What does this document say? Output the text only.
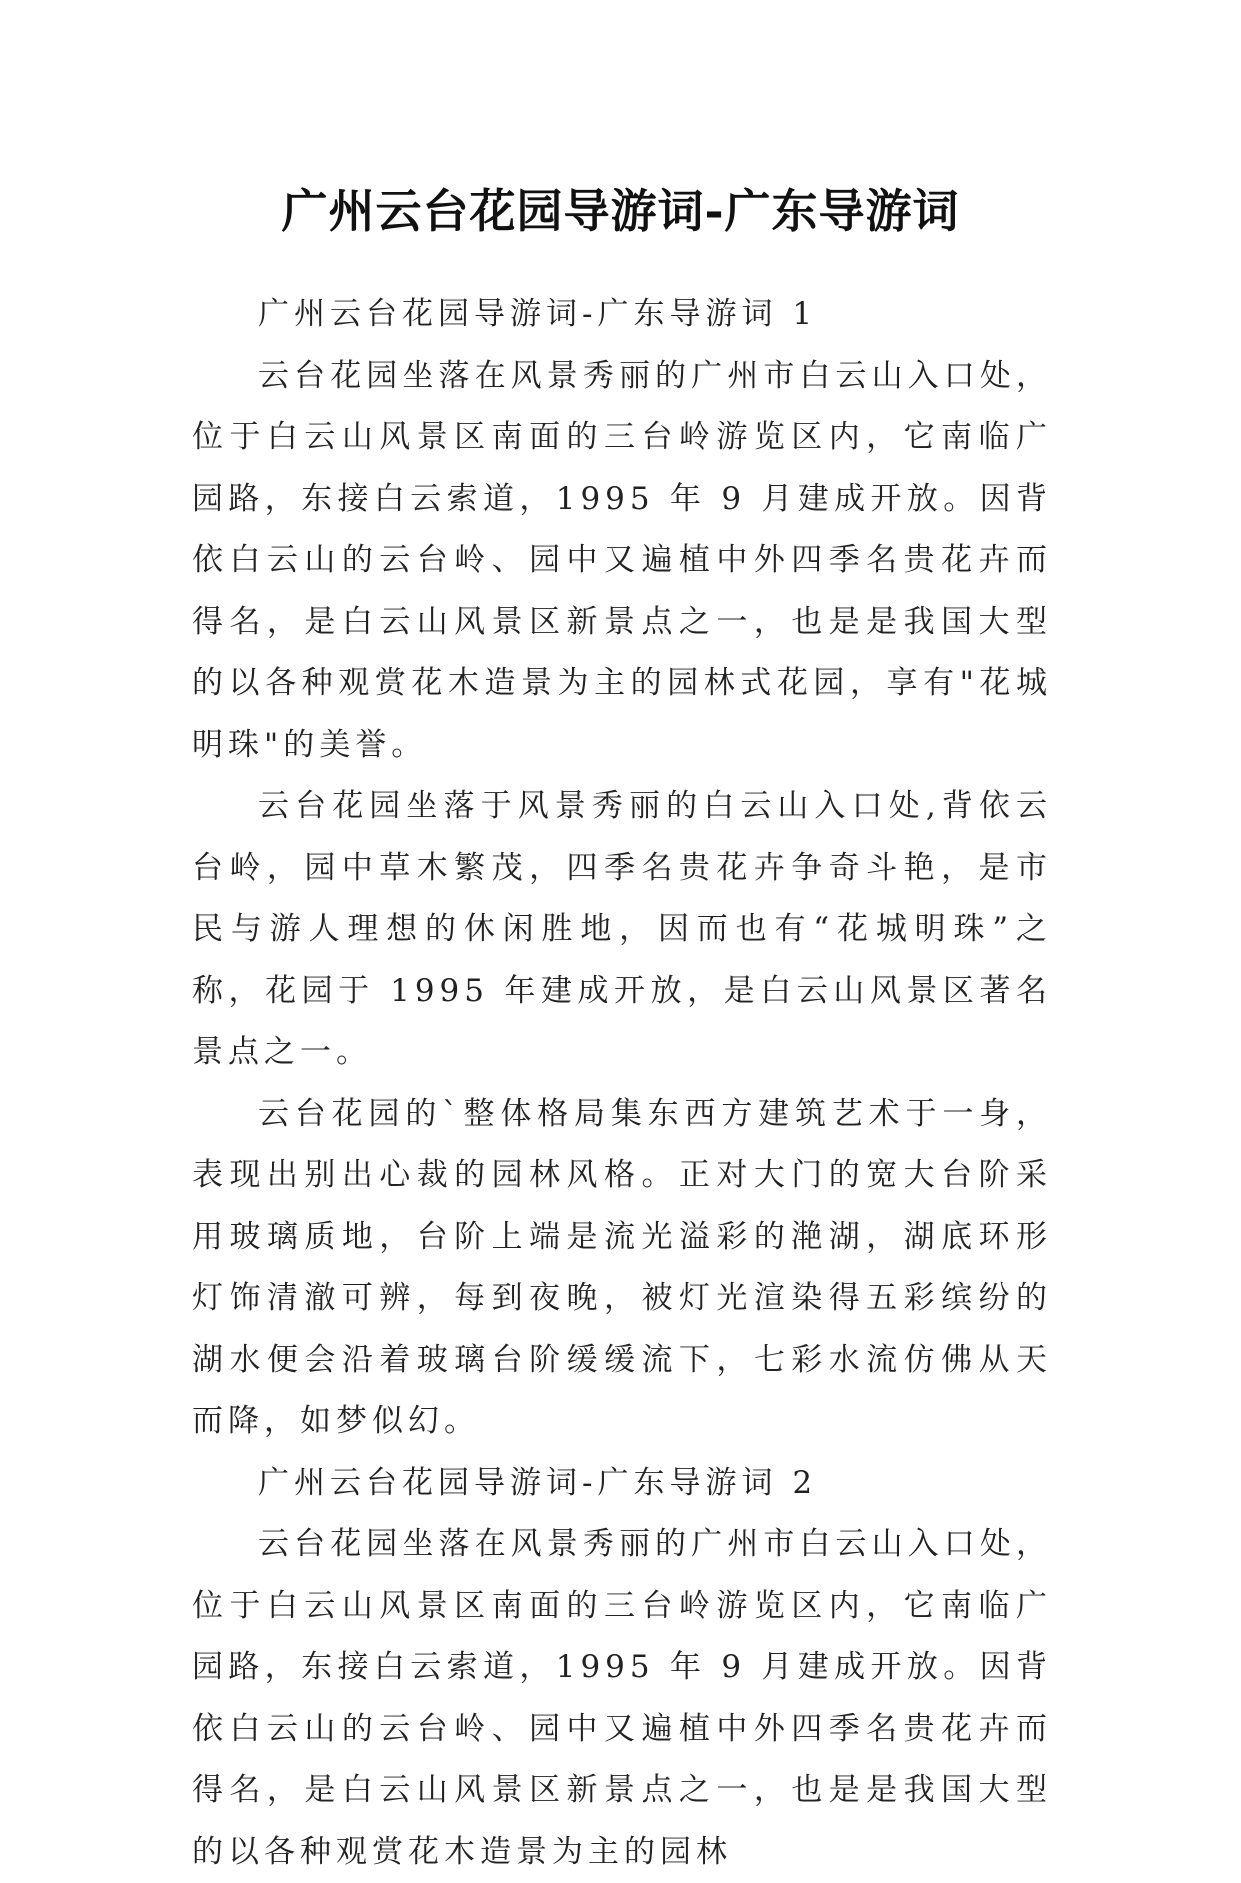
广州云台花园导游词-广东导游词

广州云台花园导游词-广东导游词 1

云台花园坐落在风景秀丽的广州市白云山入口处，位于白云山风景区南面的三台岭游览区内，它南临广园路，东接白云索道，1995 年 9 月建成开放。因背依白云山的云台岭、园中又遍植中外四季名贵花卉而得名，是白云山风景区新景点之一，也是是我国大型的以各种观赏花木造景为主的园林式花园，享有"花城明珠"的美誉。

云台花园坐落于风景秀丽的白云山入口处,背依云台岭，园中草木繁茂，四季名贵花卉争奇斗艳，是市民与游人理想的休闲胜地，因而也有“花城明珠”之称，花园于 1995 年建成开放，是白云山风景区著名景点之一。

云台花园的`整体格局集东西方建筑艺术于一身，表现出别出心裁的园林风格。正对大门的宽大台阶采用玻璃质地，台阶上端是流光溢彩的滟湖，湖底环形灯饰清澈可辨，每到夜晚，被灯光渲染得五彩缤纷的湖水便会沿着玻璃台阶缓缓流下，七彩水流仿佛从天而降，如梦似幻。

广州云台花园导游词-广东导游词 2

云台花园坐落在风景秀丽的广州市白云山入口处，位于白云山风景区南面的三台岭游览区内，它南临广园路，东接白云索道，1995 年 9 月建成开放。因背依白云山的云台岭、园中又遍植中外四季名贵花卉而得名，是白云山风景区新景点之一，也是是我国大型的以各种观赏花木造景为主的园林
